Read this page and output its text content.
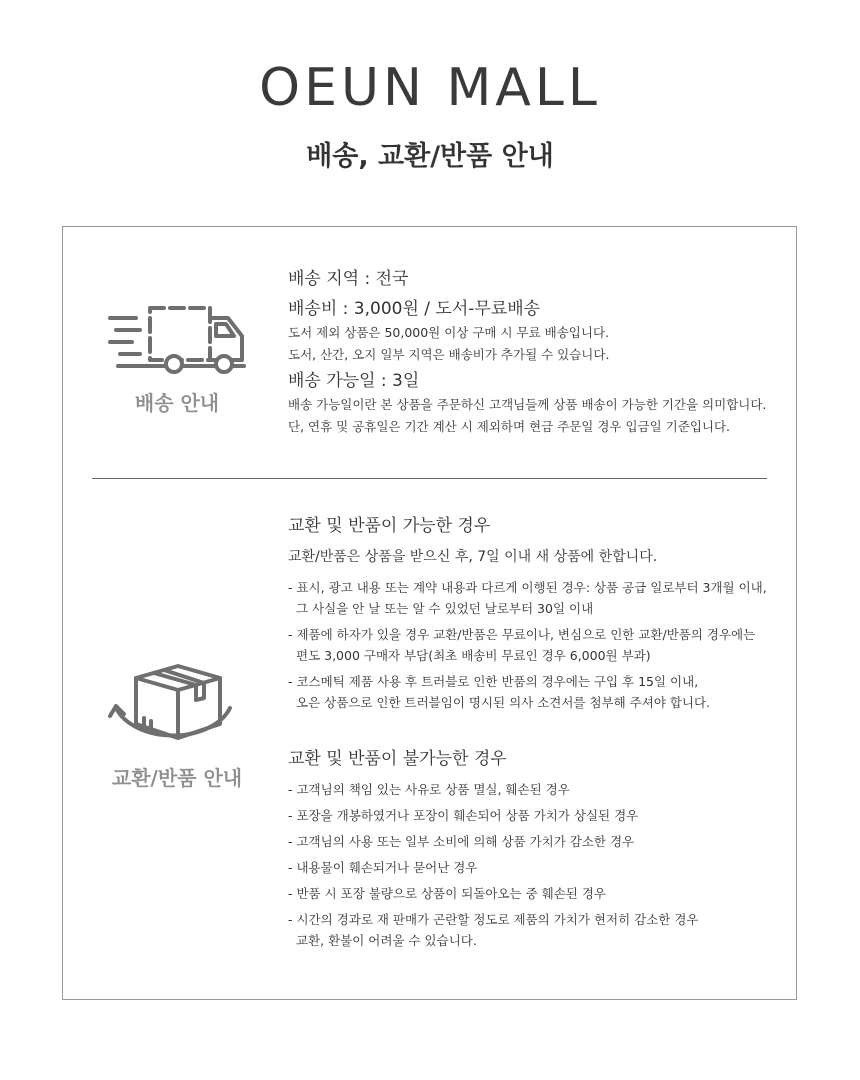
OEUN MALL
배송, 교환/반품 안내
배송 안내
배송 지역 : 전국
배송비 : 3,000원 / 도서-무료배송
도서 제외 상품은 50,000원 이상 구매 시 무료 배송입니다.
도서, 산간, 오지 일부 지역은 배송비가 추가될 수 있습니다.
배송 가능일 : 3일
배송 가능일이란 본 상품을 주문하신 고객님들께 상품 배송이 가능한 기간을 의미합니다.
단, 연휴 및 공휴일은 기간 계산 시 제외하며 현금 주문일 경우 입금일 기준입니다.
교환/반품 안내
교환 및 반품이 가능한 경우
교환/반품은 상품을 받으신 후, 7일 이내 새 상품에 한합니다.
- 표시, 광고 내용 또는 계약 내용과 다르게 이행된 경우: 상품 공급 일로부터 3개월 이내,
그 사실을 안 날 또는 알 수 있었던 날로부터 30일 이내
- 제품에 하자가 있을 경우 교환/반품은 무료이나, 변심으로 인한 교환/반품의 경우에는
편도 3,000 구매자 부담(최초 배송비 무료인 경우 6,000원 부과)
- 코스메틱 제품 사용 후 트러블로 인한 반품의 경우에는 구입 후 15일 이내,
오은 상품으로 인한 트러블임이 명시된 의사 소견서를 첨부해 주셔야 합니다.
교환 및 반품이 불가능한 경우
- 고객님의 책임 있는 사유로 상품 멸실, 훼손된 경우
- 포장을 개봉하였거나 포장이 훼손되어 상품 가치가 상실된 경우
- 고객님의 사용 또는 일부 소비에 의해 상품 가치가 감소한 경우
- 내용물이 훼손되거나 묻어난 경우
- 반품 시 포장 불량으로 상품이 되돌아오는 중 훼손된 경우
- 시간의 경과로 재 판매가 곤란할 정도로 제품의 가치가 현저히 감소한 경우
교환, 환불이 어려울 수 있습니다.
